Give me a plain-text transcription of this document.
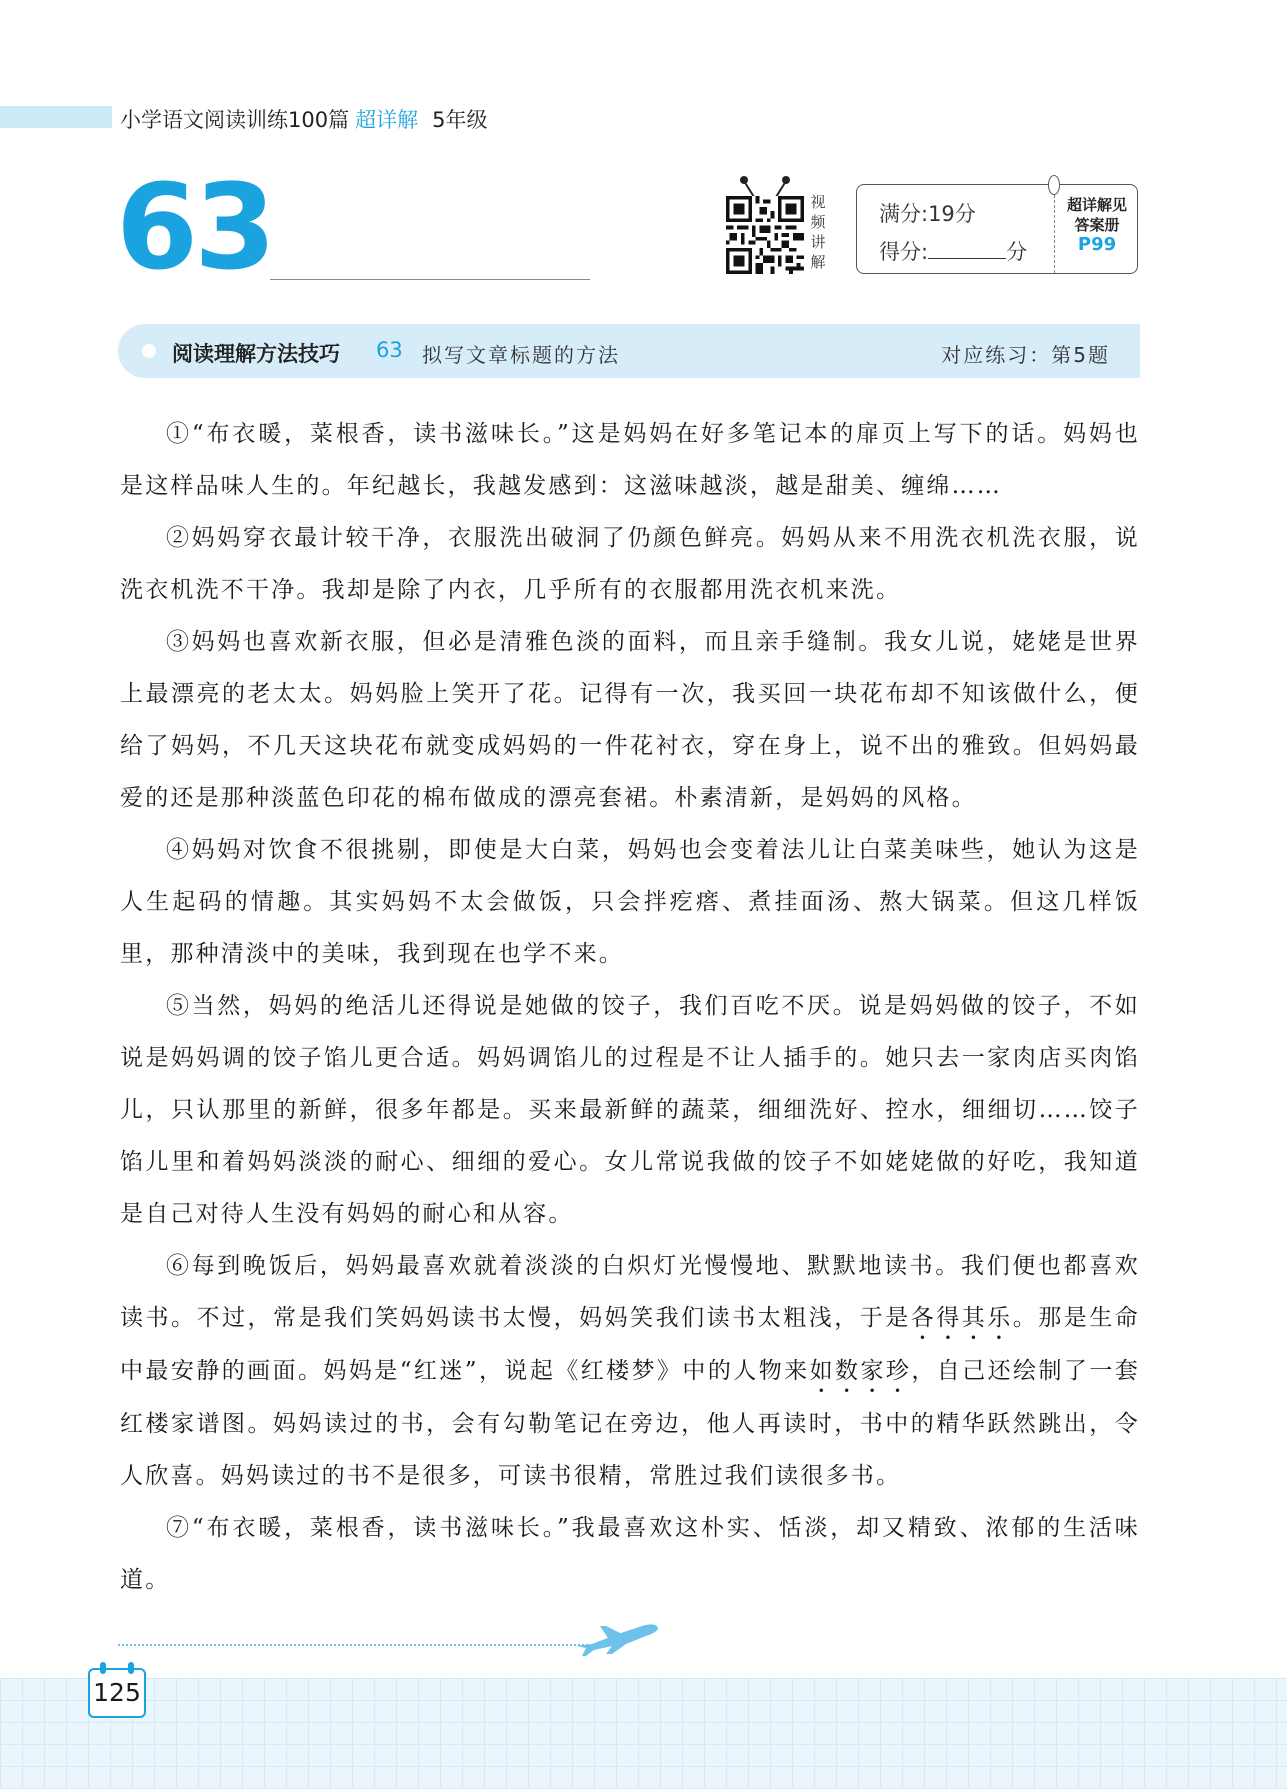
小学语文阅读训练100篇 超详解 5年级
63	视
频
讲
解
满分:19分
得分:	分
超详解见
答案册
P99
阅读理解方法技巧 63 拟写文章标题的方法	对应练习：第5题

①“布衣暖，菜根香，读书滋味长。”这是妈妈在好多笔记本的扉页上写下的话。妈妈也是这样品味人生的。年纪越长，我越发感到：这滋味越淡，越是甜美、缠绵……

②妈妈穿衣最计较干净，衣服洗出破洞了仍颜色鲜亮。妈妈从来不用洗衣机洗衣服，说洗衣机洗不干净。我却是除了内衣，几乎所有的衣服都用洗衣机来洗。

③妈妈也喜欢新衣服，但必是清雅色淡的面料，而且亲手缝制。我女儿说，姥姥是世界上最漂亮的老太太。妈妈脸上笑开了花。记得有一次，我买回一块花布却不知该做什么，便给了妈妈，不几天这块花布就变成妈妈的一件花衬衣，穿在身上，说不出的雅致。但妈妈最爱的还是那种淡蓝色印花的棉布做成的漂亮套裙。朴素清新，是妈妈的风格。

④妈妈对饮食不很挑剔，即使是大白菜，妈妈也会变着法儿让白菜美味些，她认为这是人生起码的情趣。其实妈妈不太会做饭，只会拌疙瘩、煮挂面汤、熬大锅菜。但这几样饭里，那种清淡中的美味，我到现在也学不来。

⑤当然，妈妈的绝活儿还得说是她做的饺子，我们百吃不厌。说是妈妈做的饺子，不如说是妈妈调的饺子馅儿更合适。妈妈调馅儿的过程是不让人插手的。她只去一家肉店买肉馅儿，只认那里的新鲜，很多年都是。买来最新鲜的蔬菜，细细洗好、控水，细细切……饺子馅儿里和着妈妈淡淡的耐心、细细的爱心。女儿常说我做的饺子不如姥姥做的好吃，我知道是自己对待人生没有妈妈的耐心和从容。

⑥每到晚饭后，妈妈最喜欢就着淡淡的白炽灯光慢慢地、默默地读书。我们便也都喜欢读书。不过，常是我们笑妈妈读书太慢，妈妈笑我们读书太粗浅，于是各得其乐。那是生命中最安静的画面。妈妈是“红迷”，说起《红楼梦》中的人物来如数家珍，自己还绘制了一套红楼家谱图。妈妈读过的书，会有勾勒笔记在旁边，他人再读时，书中的精华跃然跳出，令人欣喜。妈妈读过的书不是很多，可读书很精，常胜过我们读很多书。

⑦“布衣暖，菜根香，读书滋味长。”我最喜欢这朴实、恬淡，却又精致、浓郁的生活味道。

125
